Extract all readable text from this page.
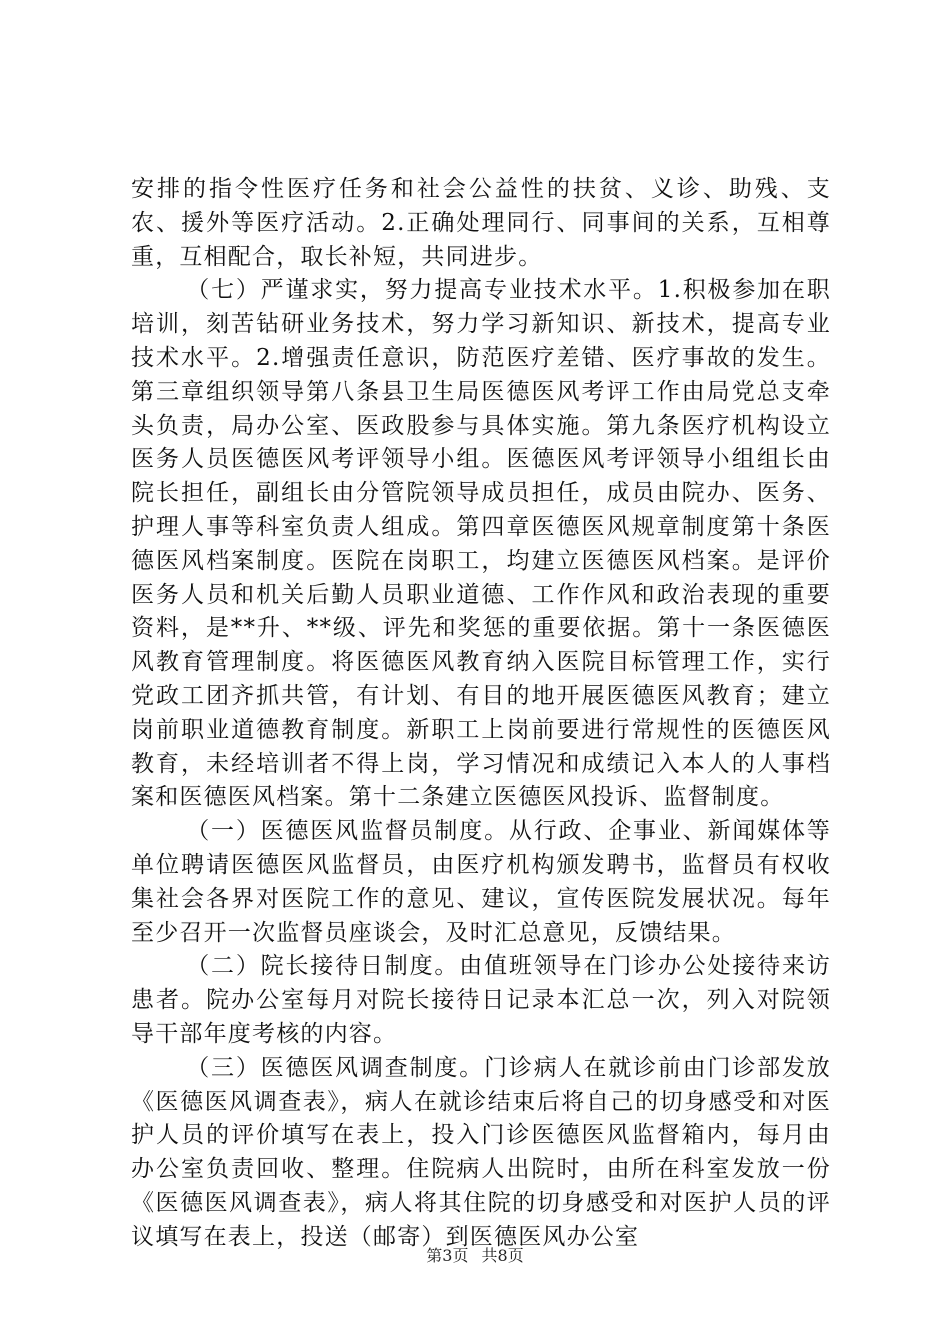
安排的指令性医疗任务和社会公益性的扶贫、义诊、助残、支农、援外等医疗活动。2.正确处理同行、同事间的关系，互相尊重，互相配合，取长补短，共同进步。

（七）严谨求实，努力提高专业技术水平。1.积极参加在职培训，刻苦钻研业务技术，努力学习新知识、新技术，提高专业技术水平。2.增强责任意识，防范医疗差错、医疗事故的发生。第三章组织领导第八条县卫生局医德医风考评工作由局党总支牵头负责，局办公室、医政股参与具体实施。第九条医疗机构设立医务人员医德医风考评领导小组。医德医风考评领导小组组长由院长担任，副组长由分管院领导成员担任，成员由院办、医务、护理人事等科室负责人组成。第四章医德医风规章制度第十条医德医风档案制度。医院在岗职工，均建立医德医风档案。是评价医务人员和机关后勤人员职业道德、工作作风和政治表现的重要资料，是**升、**级、评先和奖惩的重要依据。第十一条医德医风教育管理制度。将医德医风教育纳入医院目标管理工作，实行党政工团齐抓共管，有计划、有目的地开展医德医风教育；建立岗前职业道德教育制度。新职工上岗前要进行常规性的医德医风教育，未经培训者不得上岗，学习情况和成绩记入本人的人事档案和医德医风档案。第十二条建立医德医风投诉、监督制度。

（一）医德医风监督员制度。从行政、企事业、新闻媒体等单位聘请医德医风监督员，由医疗机构颁发聘书，监督员有权收集社会各界对医院工作的意见、建议，宣传医院发展状况。每年至少召开一次监督员座谈会，及时汇总意见，反馈结果。

（二）院长接待日制度。由值班领导在门诊办公处接待来访患者。院办公室每月对院长接待日记录本汇总一次，列入对院领导干部年度考核的内容。

（三）医德医风调查制度。门诊病人在就诊前由门诊部发放《医德医风调查表》，病人在就诊结束后将自己的切身感受和对医护人员的评价填写在表上，投入门诊医德医风监督箱内，每月由办公室负责回收、整理。住院病人出院时，由所在科室发放一份《医德医风调查表》，病人将其住院的切身感受和对医护人员的评议填写在表上，投送（邮寄）到医德医风办公室

第3页 共8页
